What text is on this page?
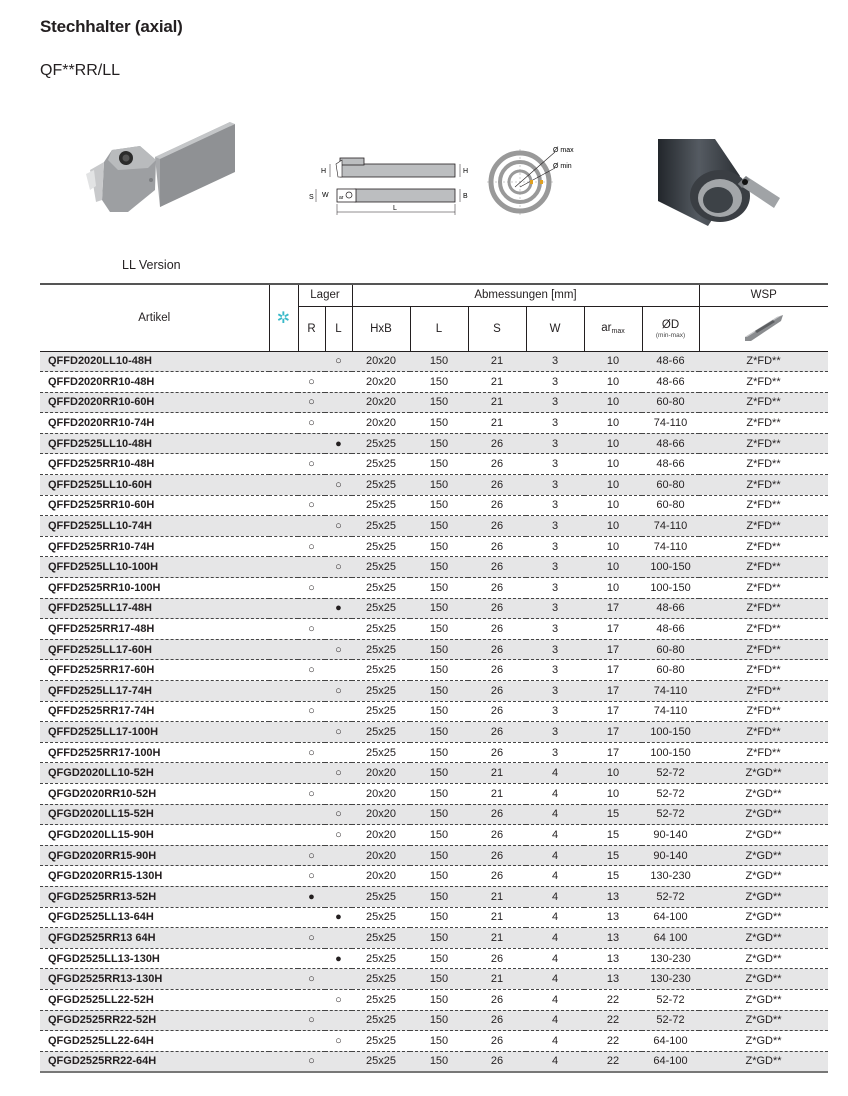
Stechhalter (axial)
QF**RR/LL
LL Version
H	H
S W ar	B
L
Ø max
Ø min
Artikel	✲	Lager		Abmessungen [mm]						WSP
		R	L	HxB	L	S	W	$ar_{max}$	ØD
(min-max)

QFFD2020LL10-48H			○	20x20	150	21	3	10	48-66	Z*FD**
QFFD2020RR10-48H		○		20x20	150	21	3	10	48-66	Z*FD**
QFFD2020RR10-60H		○		20x20	150	21	3	10	60-80	Z*FD**
QFFD2020RR10-74H		○		20x20	150	21	3	10	74-110	Z*FD**
QFFD2525LL10-48H			●	25x25	150	26	3	10	48-66	Z*FD**
QFFD2525RR10-48H		○		25x25	150	26	3	10	48-66	Z*FD**
QFFD2525LL10-60H			○	25x25	150	26	3	10	60-80	Z*FD**
QFFD2525RR10-60H		○		25x25	150	26	3	10	60-80	Z*FD**
QFFD2525LL10-74H			○	25x25	150	26	3	10	74-110	Z*FD**
QFFD2525RR10-74H		○		25x25	150	26	3	10	74-110	Z*FD**
QFFD2525LL10-100H			○	25x25	150	26	3	10	100-150	Z*FD**
QFFD2525RR10-100H		○		25x25	150	26	3	10	100-150	Z*FD**
QFFD2525LL17-48H			●	25x25	150	26	3	17	48-66	Z*FD**
QFFD2525RR17-48H		○		25x25	150	26	3	17	48-66	Z*FD**
QFFD2525LL17-60H			○	25x25	150	26	3	17	60-80	Z*FD**
QFFD2525RR17-60H		○		25x25	150	26	3	17	60-80	Z*FD**
QFFD2525LL17-74H			○	25x25	150	26	3	17	74-110	Z*FD**
QFFD2525RR17-74H		○		25x25	150	26	3	17	74-110	Z*FD**
QFFD2525LL17-100H			○	25x25	150	26	3	17	100-150	Z*FD**
QFFD2525RR17-100H		○		25x25	150	26	3	17	100-150	Z*FD**
QFGD2020LL10-52H			○	20x20	150	21	4	10	52-72	Z*GD**
QFGD2020RR10-52H		○		20x20	150	21	4	10	52-72	Z*GD**
QFGD2020LL15-52H			○	20x20	150	26	4	15	52-72	Z*GD**
QFGD2020LL15-90H			○	20x20	150	26	4	15	90-140	Z*GD**
QFGD2020RR15-90H		○		20x20	150	26	4	15	90-140	Z*GD**
QFGD2020RR15-130H		○		20x20	150	26	4	15	130-230	Z*GD**
QFGD2525RR13-52H		●		25x25	150	21	4	13	52-72	Z*GD**
QFGD2525LL13-64H			●	25x25	150	21	4	13	64-100	Z*GD**
QFGD2525RR13 64H		○		25x25	150	21	4	13	64 100	Z*GD**
QFGD2525LL13-130H			●	25x25	150	26	4	13	130-230	Z*GD**
QFGD2525RR13-130H		○		25x25	150	21	4	13	130-230	Z*GD**
QFGD2525LL22-52H			○	25x25	150	26	4	22	52-72	Z*GD**
QFGD2525RR22-52H		○		25x25	150	26	4	22	52-72	Z*GD**
QFGD2525LL22-64H			○	25x25	150	26	4	22	64-100	Z*GD**
QFGD2525RR22-64H		○		25x25	150	26	4	22	64-100	Z*GD**
